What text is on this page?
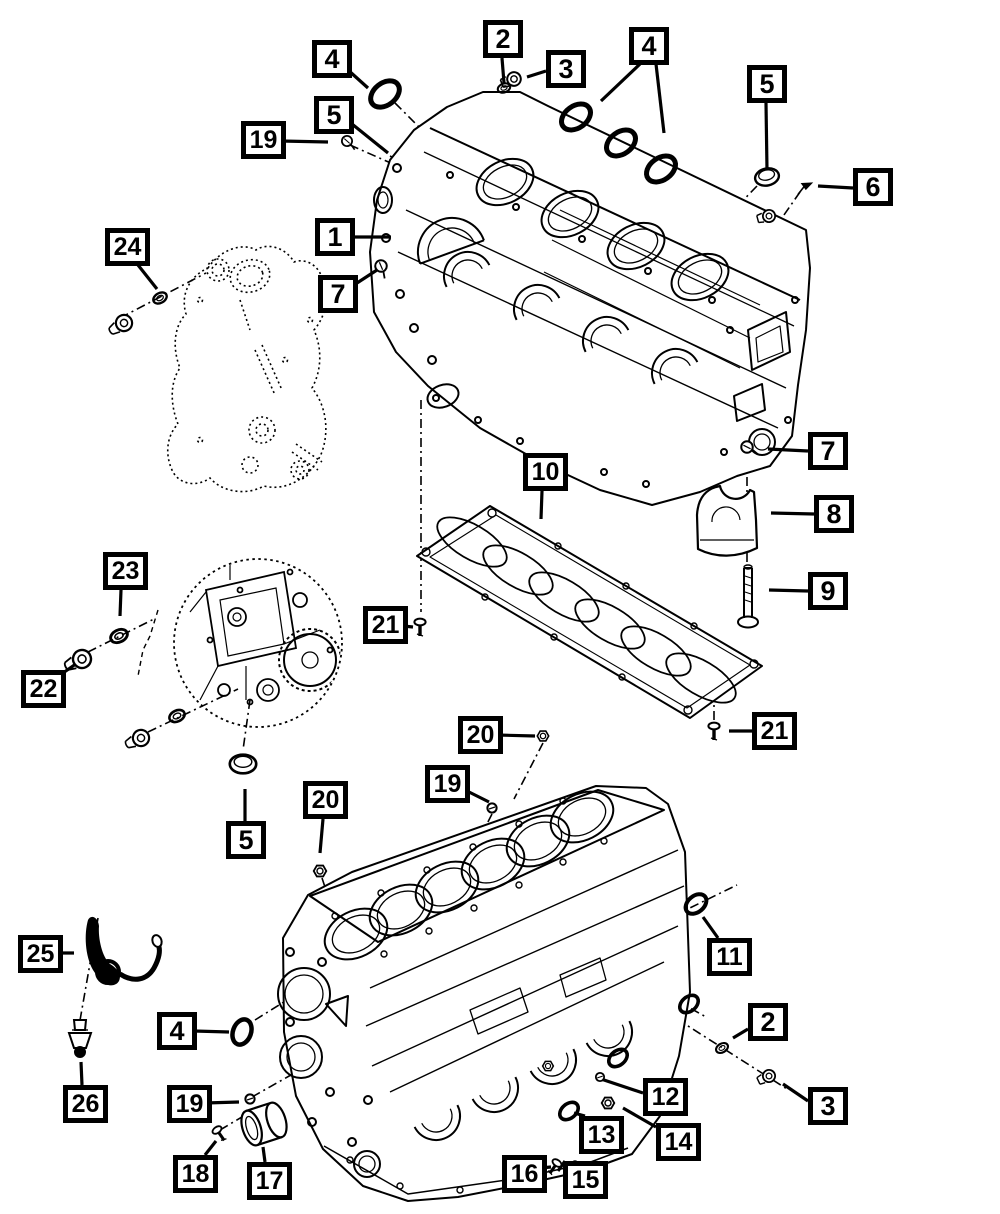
4
2
3
4
5
6
19
5
24	1
7
7
8
9
10
21
20
19
20
23
22
5
21
11
2
3
12
13	14
16	15
25
26
4
19
18	17
